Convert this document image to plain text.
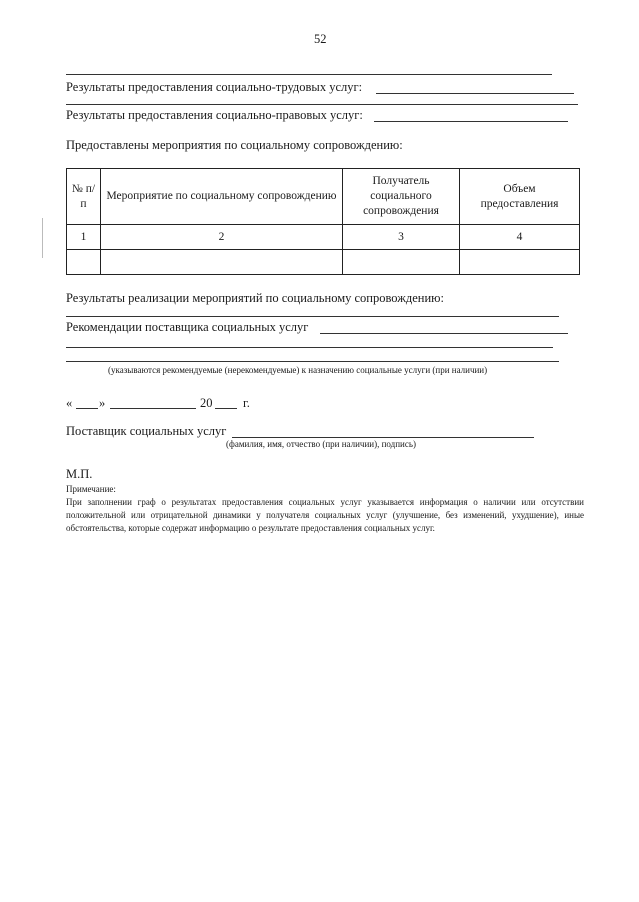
52
Результаты предоставления социально-трудовых услуг:
Результаты предоставления социально-правовых услуг:
Предоставлены мероприятия по социальному сопровождению:
№ п/п	Мероприятие по социальному сопровождению	Получатель социального сопровождения	Объем предоставления
1	2	3	4

Результаты реализации мероприятий по социальному сопровождению:
Рекомендации поставщика социальных услуг
(указываются рекомендуемые (нерекомендуемые) к назначению социальные услуги (при наличии)
« »	20 г.
Поставщик социальных услуг
(фамилия, имя, отчество (при наличии), подпись)
М.П.
Примечание:
При заполнении граф о результатах предоставления социальных услуг указывается информация о наличии или отсутствии положительной или отрицательной динамики у получателя социальных услуг (улучшение, без изменений, ухудшение), иные обстоятельства, которые содержат информацию о результате предоставления социальных услуг.
